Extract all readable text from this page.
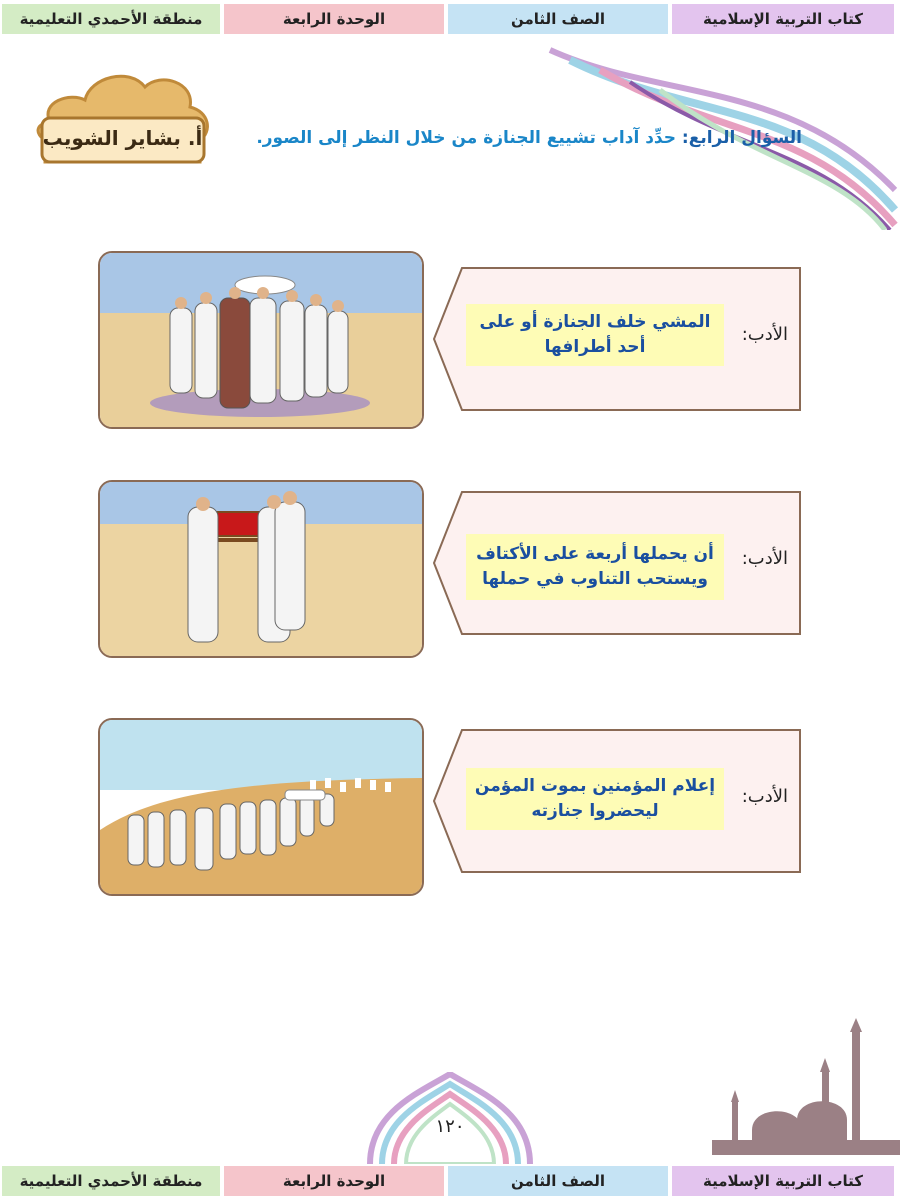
كتاب التربية الإسلامية
الصف الثامن
الوحدة الرابعة
منطقة الأحمدي التعليمية
أ. بشاير الشويب	السؤال الرابع: حدِّد آداب تشييع الجنازة من خلال النظر إلى الصور.
الأدب:
المشي خلف الجنازة أو على أحد أطرافها
الأدب:
أن يحملها أربعة على الأكتاف ويستحب التناوب في حملها
الأدب:
إعلام المؤمنين بموت المؤمن ليحضروا جنازته
١٢٠
كتاب التربية الإسلامية
الصف الثامن
الوحدة الرابعة
منطقة الأحمدي التعليمية
